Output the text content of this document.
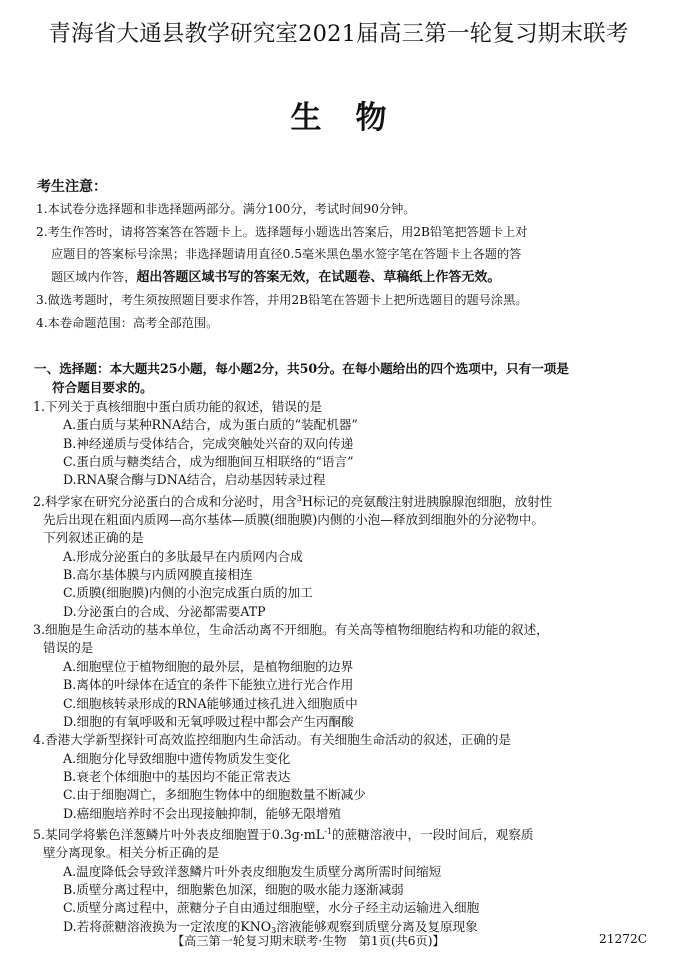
青海省大通县教学研究室2021届高三第一轮复习期末联考
生物
考生注意：
1.本试卷分选择题和非选择题两部分。满分100分，考试时间90分钟。
2.考生作答时，请将答案答在答题卡上。选择题每小题选出答案后，用2B铅笔把答题卡上对
应题目的答案标号涂黑；非选择题请用直径0.5毫米黑色墨水签字笔在答题卡上各题的答
题区域内作答，超出答题区域书写的答案无效，在试题卷、草稿纸上作答无效。
3.做选考题时，考生须按照题目要求作答，并用2B铅笔在答题卡上把所选题目的题号涂黑。
4.本卷命题范围：高考全部范围。
一、选择题：本大题共25小题，每小题2分，共50分。在每小题给出的四个选项中，只有一项是
符合题目要求的。
1.下列关于真核细胞中蛋白质功能的叙述，错误的是
A.蛋白质与某种RNA结合，成为蛋白质的“装配机器”
B.神经递质与受体结合，完成突触处兴奋的双向传递
C.蛋白质与糖类结合，成为细胞间互相联络的“语言”
D.RNA聚合酶与DNA结合，启动基因转录过程
2.科学家在研究分泌蛋白的合成和分泌时，用含$^3$H标记的亮氨酸注射进胰腺腺泡细胞，放射性
先后出现在粗面内质网—高尔基体—质膜(细胞膜)内侧的小泡—释放到细胞外的分泌物中。
下列叙述正确的是
A.形成分泌蛋白的多肽最早在内质网内合成
B.高尔基体膜与内质网膜直接相连
C.质膜(细胞膜)内侧的小泡完成蛋白质的加工
D.分泌蛋白的合成、分泌都需要ATP
3.细胞是生命活动的基本单位，生命活动离不开细胞。有关高等植物细胞结构和功能的叙述，
错误的是
A.细胞壁位于植物细胞的最外层，是植物细胞的边界
B.离体的叶绿体在适宜的条件下能独立进行光合作用
C.细胞核转录形成的RNA能够通过核孔进入细胞质中
D.细胞的有氧呼吸和无氧呼吸过程中都会产生丙酮酸
4.香港大学新型探针可高效监控细胞内生命活动。有关细胞生命活动的叙述，正确的是
A.细胞分化导致细胞中遗传物质发生变化
B.衰老个体细胞中的基因均不能正常表达
C.由于细胞凋亡，多细胞生物体中的细胞数量不断减少
D.癌细胞培养时不会出现接触抑制，能够无限增殖
5.某同学将紫色洋葱鳞片叶外表皮细胞置于$0.3g\cdot mL^{-1}$的蔗糖溶液中，一段时间后，观察质
壁分离现象。相关分析正确的是
A.温度降低会导致洋葱鳞片叶外表皮细胞发生质壁分离所需时间缩短
B.质壁分离过程中，细胞紫色加深，细胞的吸水能力逐渐减弱
C.质壁分离过程中，蔗糖分子自由通过细胞壁，水分子经主动运输进入细胞
D.若将蔗糖溶液换为一定浓度的$KNO_3$溶液能够观察到质壁分离及复原现象
【高三第一轮复习期末联考·生物　第1页(共6页)】	21272C
